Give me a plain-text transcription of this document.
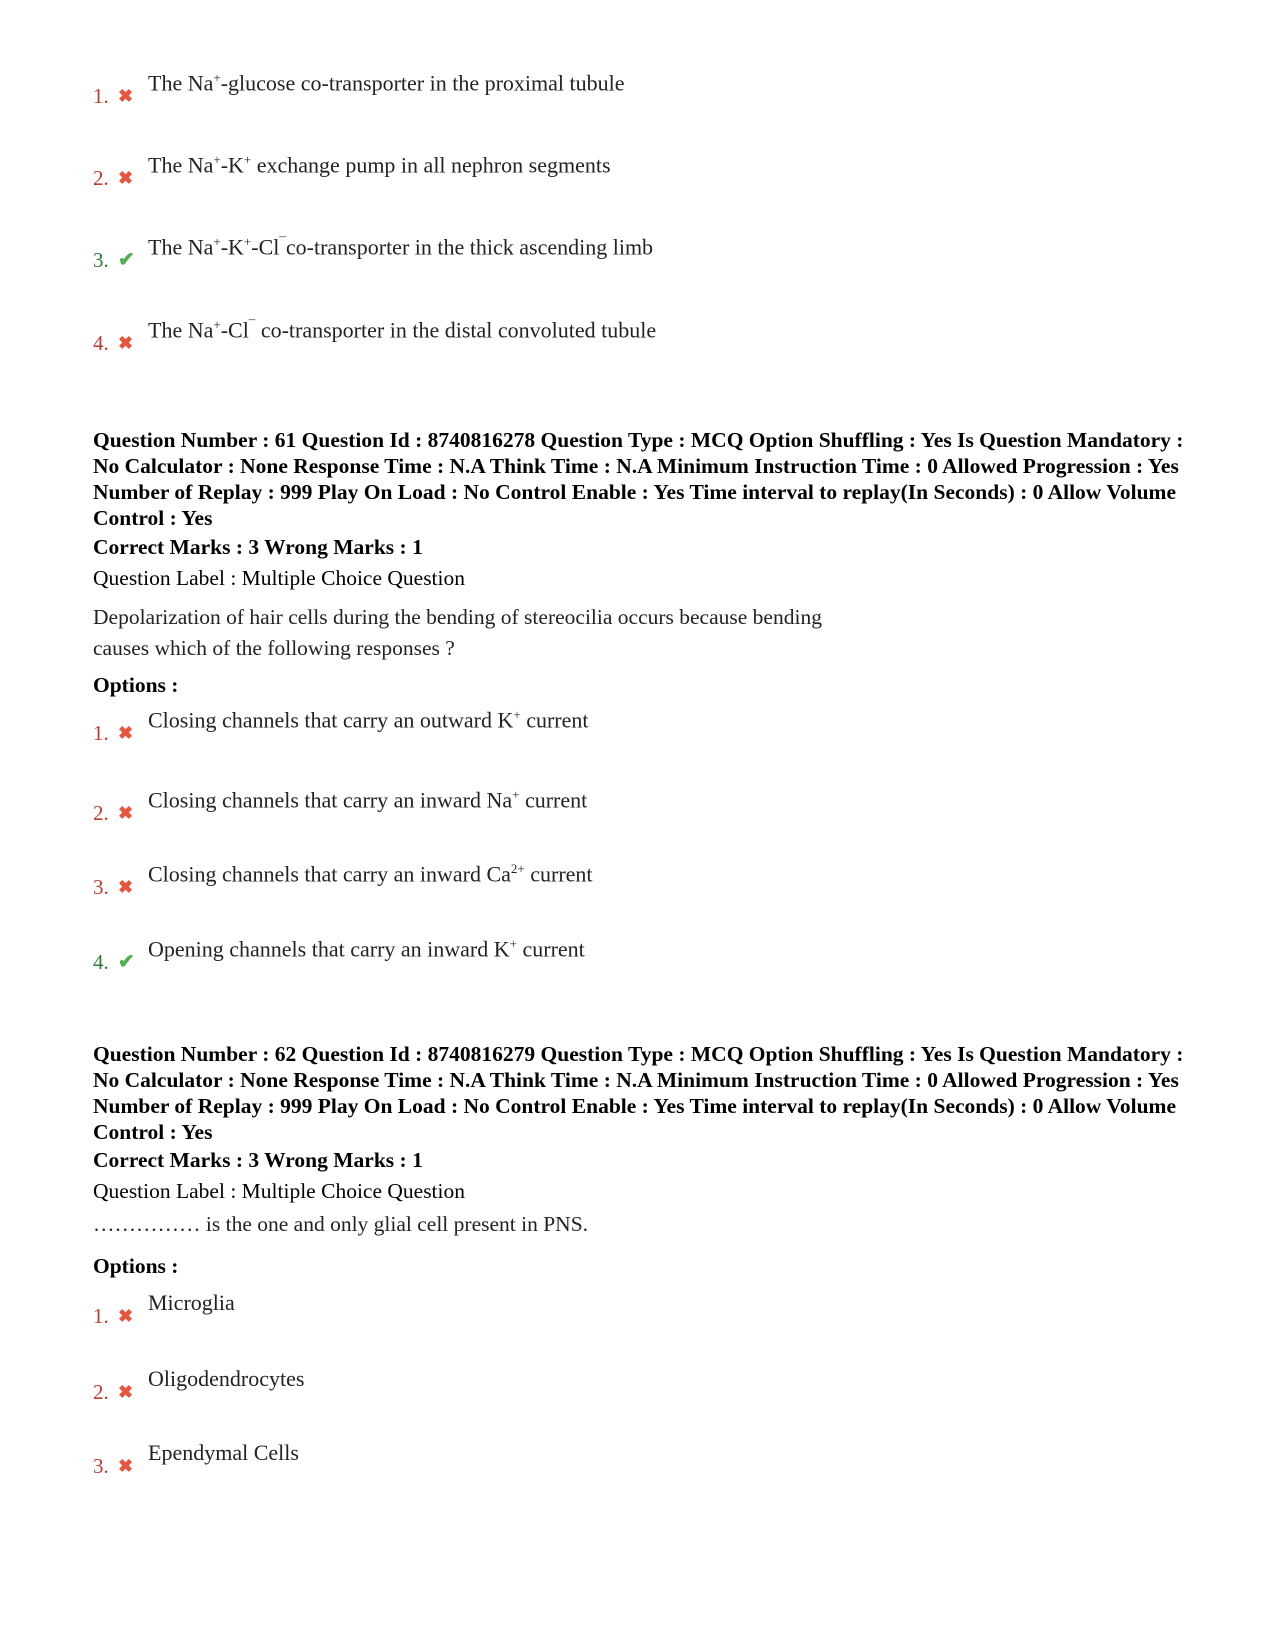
1. ✖
The Na+-glucose co-transporter in the proximal tubule
2. ✖
The Na+-K+ exchange pump in all nephron segments
3. ✔
The Na+-K+-Cl¯co-transporter in the thick ascending limb
4. ✖
The Na+-Cl¯ co-transporter in the distal convoluted tubule
Question Number : 61 Question Id : 8740816278 Question Type : MCQ Option Shuffling : Yes Is Question Mandatory : No Calculator : None Response Time : N.A Think Time : N.A Minimum Instruction Time : 0 Allowed Progression : Yes Number of Replay : 999 Play On Load : No Control Enable : Yes Time interval to replay(In Seconds) : 0 Allow Volume Control : Yes
Correct Marks : 3 Wrong Marks : 1
Question Label : Multiple Choice Question
Depolarization of hair cells during the bending of stereocilia occurs because bending
causes which of the following responses ?
Options :
1. ✖
Closing channels that carry an outward K+ current
2. ✖
Closing channels that carry an inward Na+ current
3. ✖
Closing channels that carry an inward $Ca^{2+}$ current
4. ✔
Opening channels that carry an inward K+ current
Question Number : 62 Question Id : 8740816279 Question Type : MCQ Option Shuffling : Yes Is Question Mandatory : No Calculator : None Response Time : N.A Think Time : N.A Minimum Instruction Time : 0 Allowed Progression : Yes Number of Replay : 999 Play On Load : No Control Enable : Yes Time interval to replay(In Seconds) : 0 Allow Volume Control : Yes
Correct Marks : 3 Wrong Marks : 1
Question Label : Multiple Choice Question
…………… is the one and only glial cell present in PNS.
Options :
1. ✖
Microglia
2. ✖
Oligodendrocytes
3. ✖
Ependymal Cells
